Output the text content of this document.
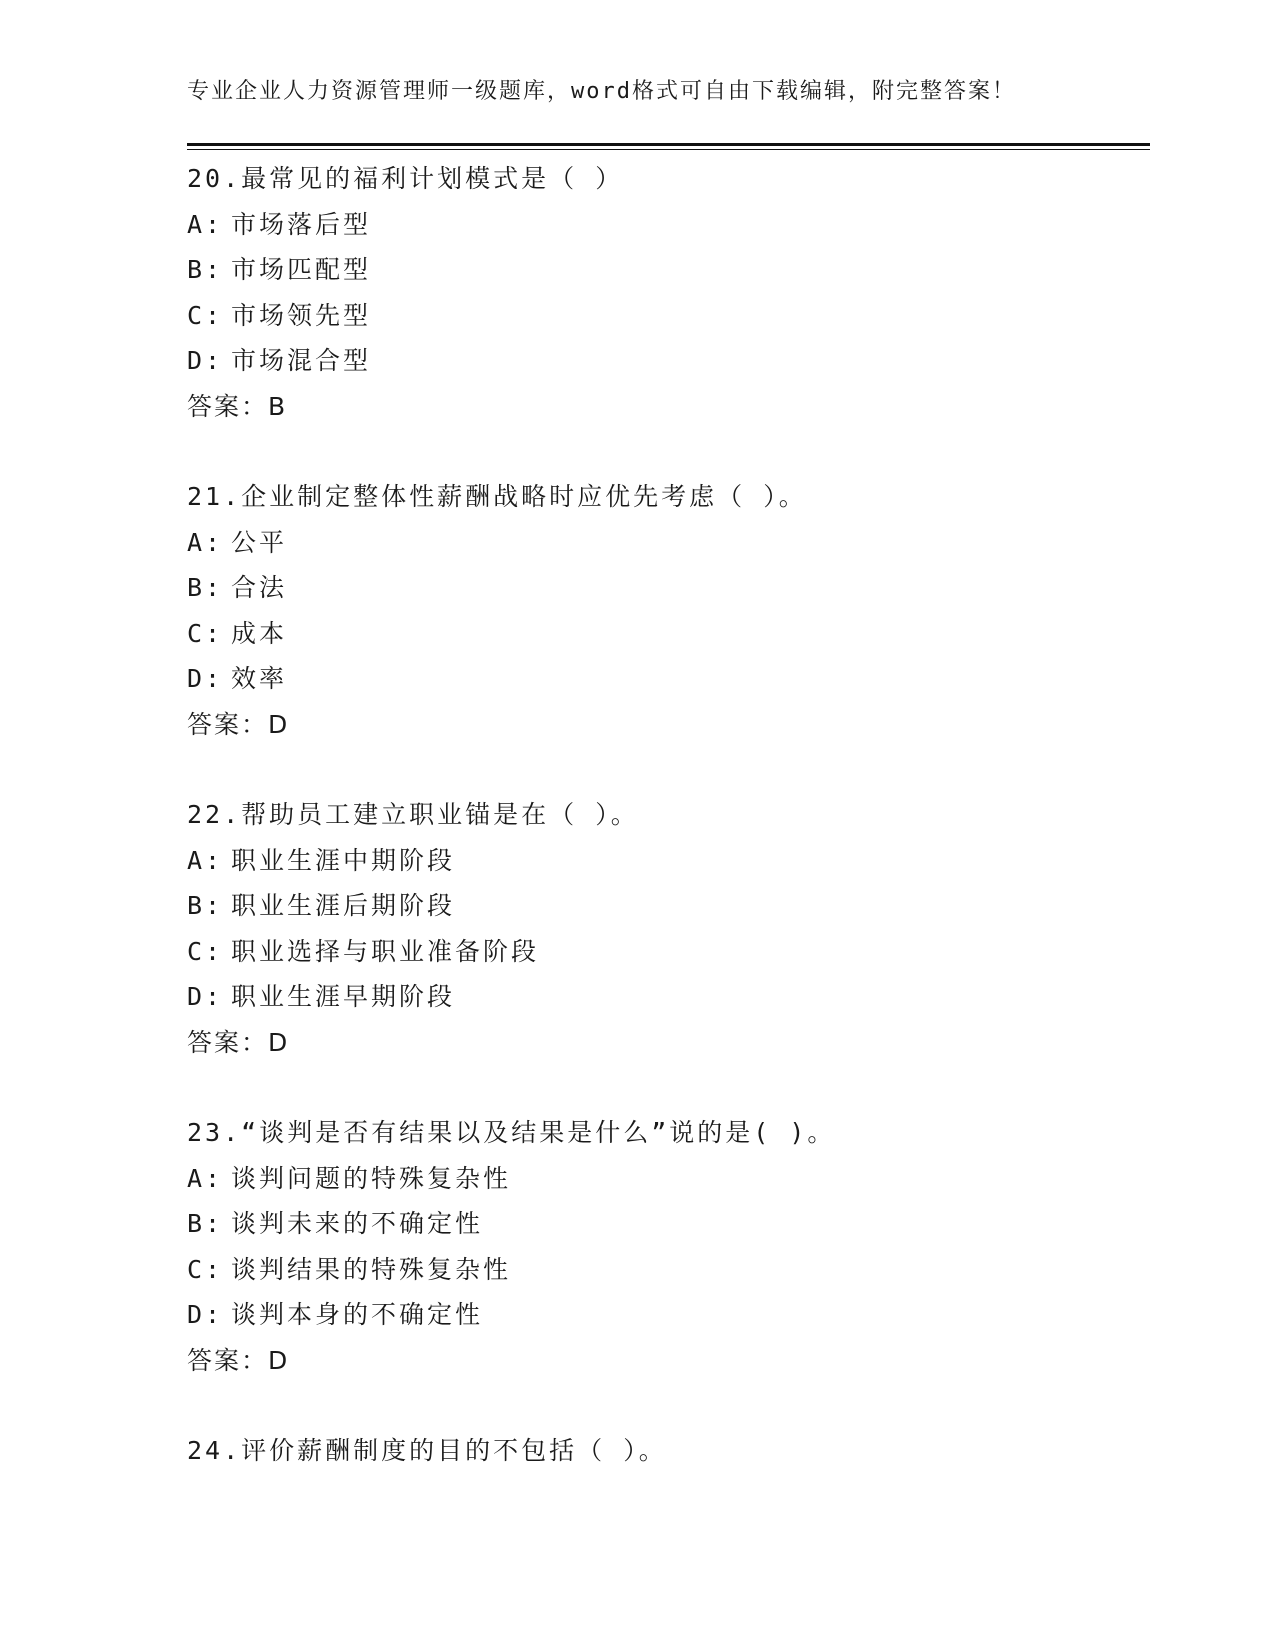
专业企业人力资源管理师一级题库，word格式可自由下载编辑，附完整答案！
20.最常见的福利计划模式是（ ）
A: 市场落后型
B: 市场匹配型
C: 市场领先型
D: 市场混合型
答案：B
21.企业制定整体性薪酬战略时应优先考虑（ ）。
A: 公平
B: 合法
C: 成本
D: 效率
答案：D
22.帮助员工建立职业锚是在（ ）。
A: 职业生涯中期阶段
B: 职业生涯后期阶段
C: 职业选择与职业准备阶段
D: 职业生涯早期阶段
答案：D
23.“谈判是否有结果以及结果是什么”说的是( )。
A: 谈判问题的特殊复杂性
B: 谈判未来的不确定性
C: 谈判结果的特殊复杂性
D: 谈判本身的不确定性
答案：D
24.评价薪酬制度的目的不包括（ ）。
